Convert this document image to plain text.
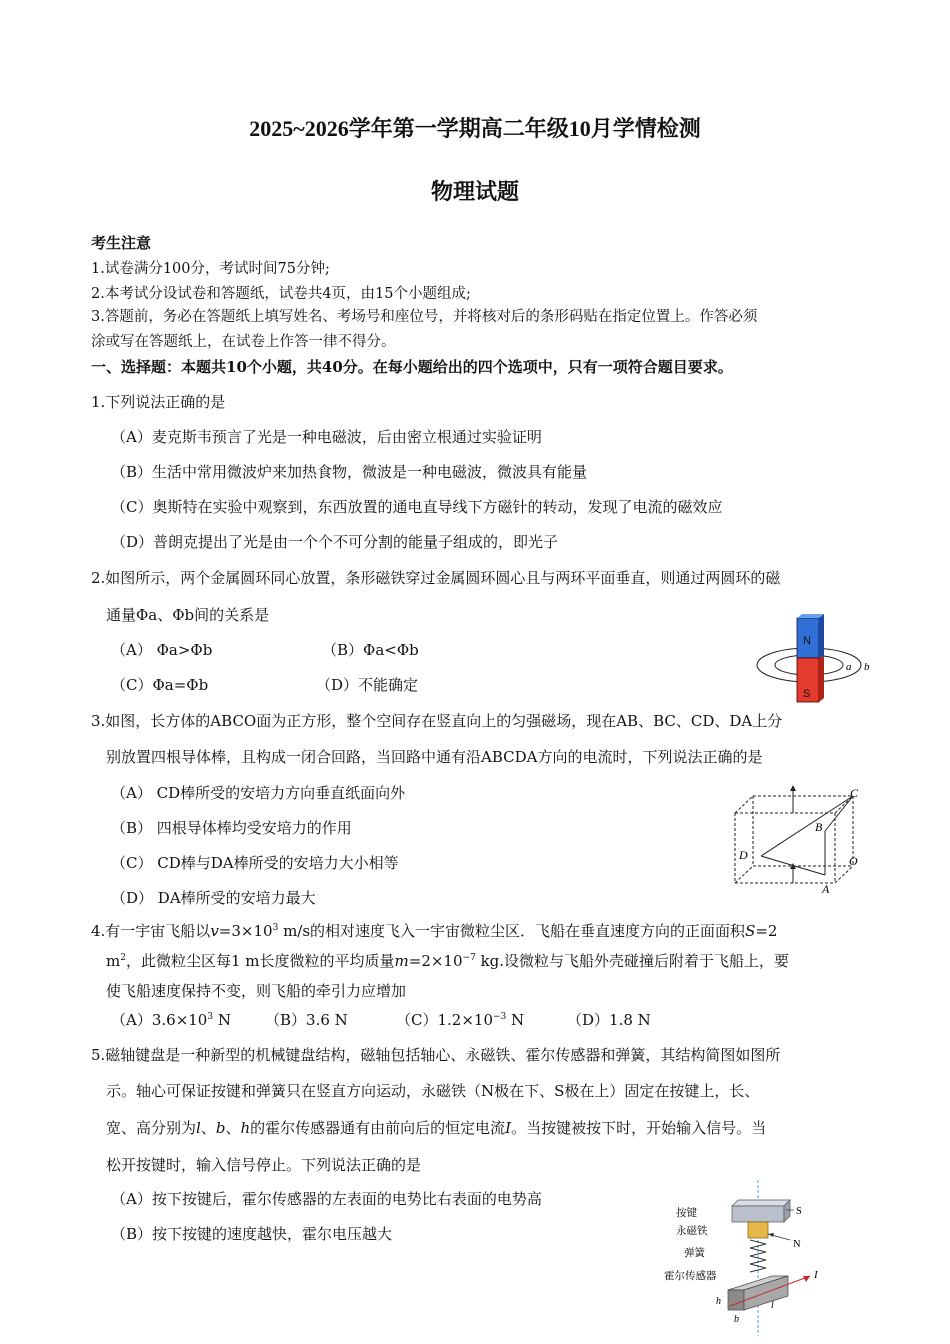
2025~2026学年第一学期高二年级10月学情检测
物理试题
考生注意
1.试卷满分100分，考试时间75分钟;
2.本考试分设试卷和答题纸，试卷共4页，由15个小题组成;
3.答题前，务必在答题纸上填写姓名、考场号和座位号，并将核对后的条形码贴在指定位置上。作答必须
涂或写在答题纸上，在试卷上作答一律不得分。
一、选择题：本题共10个小题，共40分。在每小题给出的四个选项中，只有一项符合题目要求。
1.下列说法正确的是
（A）麦克斯韦预言了光是一种电磁波，后由密立根通过实验证明
（B）生活中常用微波炉来加热食物，微波是一种电磁波，微波具有能量
（C）奥斯特在实验中观察到，东西放置的通电直导线下方磁针的转动，发现了电流的磁效应
（D）普朗克提出了光是由一个个不可分割的能量子组成的，即光子
2.如图所示，两个金属圆环同心放置，条形磁铁穿过金属圆环圆心且与两环平面垂直，则通过两圆环的磁
通量Φa、Φb间的关系是
（A） Φa>Φb	（B）Φa<Φb
（C）Φa=Φb	（D）不能确定
N
S
a b
3.如图，长方体的ABCO面为正方形，整个空间存在竖直向上的匀强磁场，现在AB、BC、CD、DA上分
别放置四根导体棒，且构成一闭合回路，当回路中通有沿ABCDA方向的电流时，下列说法正确的是
（A） CD棒所受的安培力方向垂直纸面向外
（B） 四根导体棒均受安培力的作用
（C） CD棒与DA棒所受的安培力大小相等
（D） DA棒所受的安培力最大
C
B
D	O
A
4.有一宇宙飞船以$v=3\times 10^3$ m/s的相对速度飞入一宇宙微粒尘区．飞船在垂直速度方向的正面面积S=2
$m^2$，此微粒尘区每1 m长度微粒的平均质量$m=2\times 10^{-7}$ kg.设微粒与飞船外壳碰撞后附着于飞船上，要
使飞船速度保持不变，则飞船的牵引力应增加
$(A)3.6\times 10^3$ N （B）3.6 N	$(C)1.2\times 10^{-3}$ N	（D）1.8 N
5.磁轴键盘是一种新型的机械键盘结构，磁轴包括轴心、永磁铁、霍尔传感器和弹簧，其结构简图如图所
示。轴心可保证按键和弹簧只在竖直方向运动，永磁铁（N极在下、S极在上）固定在按键上，长、
宽、高分别为l、b、h的霍尔传感器通有由前向后的恒定电流I。当按键被按下时，开始输入信号。当
松开按键时，输入信号停止。下列说法正确的是
（A）按下按键后，霍尔传感器的左表面的电势比右表面的电势高
（B）按下按键的速度越快，霍尔电压越大
按键
永磁铁
弹簧
霍尔传感器
S
N
I
h	l
b
